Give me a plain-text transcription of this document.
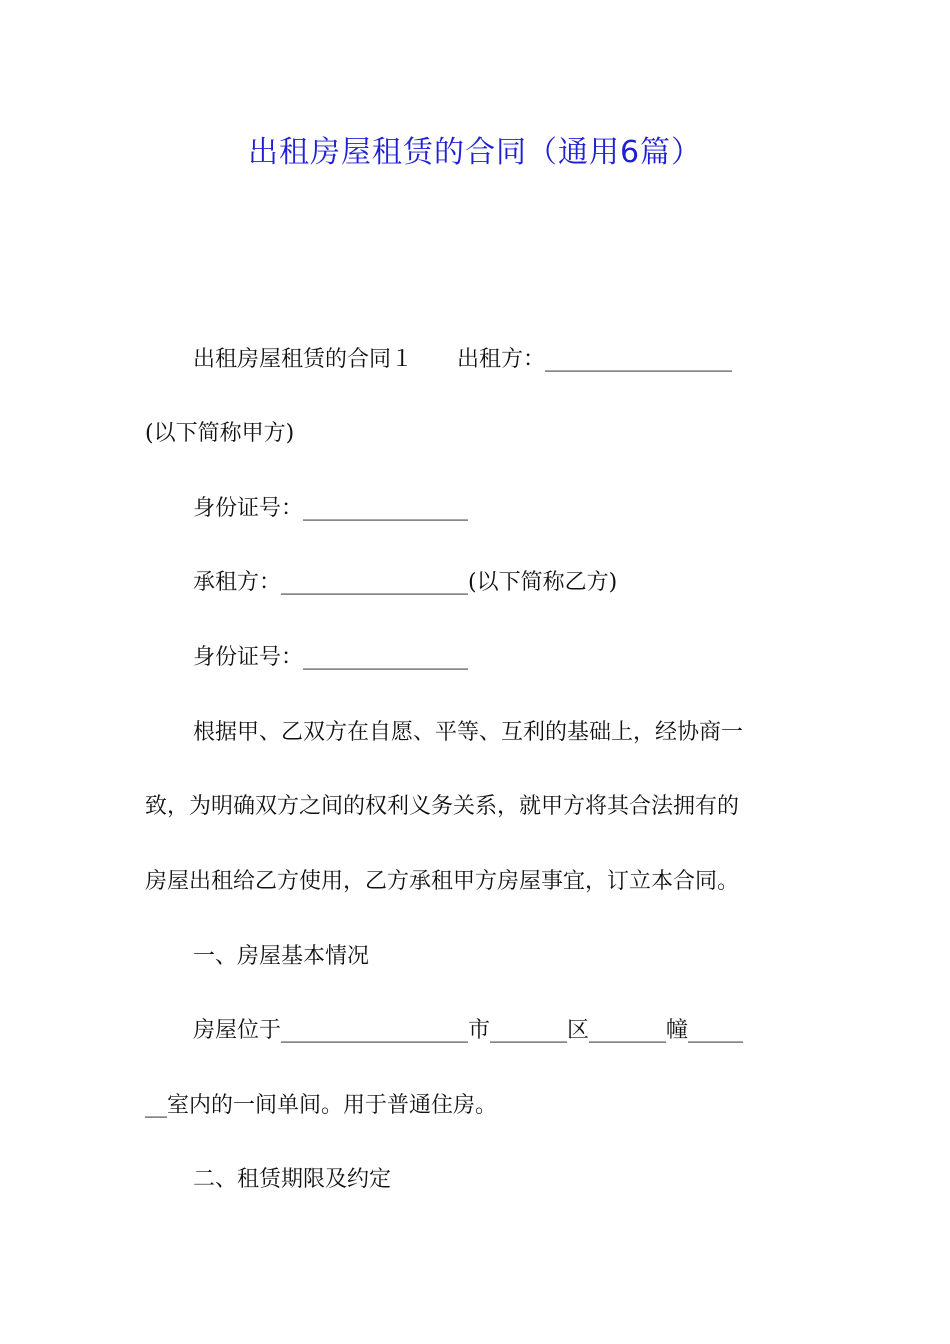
出租房屋租赁的合同（通用6篇）
出租房屋租赁的合同１　　出租方：_________________
(以下简称甲方)
身份证号：_______________
承租方：_________________(以下简称乙方)
身份证号：_______________
根据甲、乙双方在自愿、平等、互利的基础上，经协商一
致，为明确双方之间的权利义务关系，就甲方将其合法拥有的
房屋出租给乙方使用，乙方承租甲方房屋事宜，订立本合同。
一、房屋基本情况
房屋位于_________________市_______区_______幢_____
__室内的一间单间。用于普通住房。
二、租赁期限及约定
